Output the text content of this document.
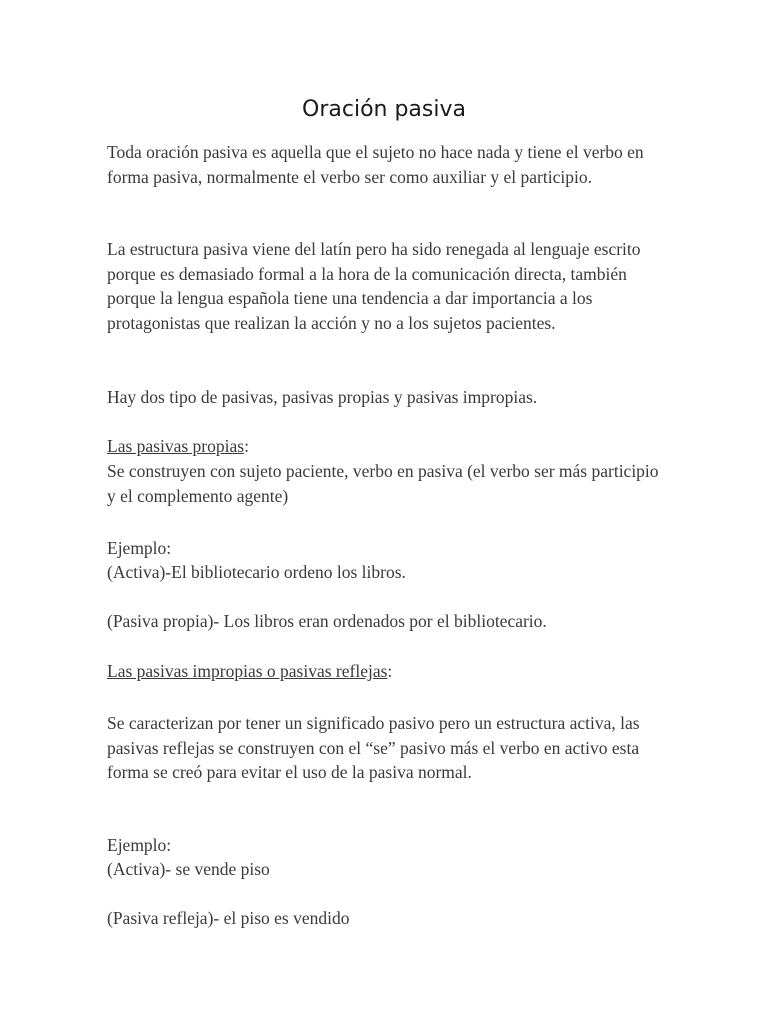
Oración pasiva

Toda oración pasiva es aquella que el sujeto no hace nada y tiene el verbo en forma pasiva, normalmente el verbo ser como auxiliar y el participio.

La estructura pasiva viene del latín pero ha sido renegada al lenguaje escrito porque es demasiado formal a la hora de la comunicación directa, también porque la lengua española tiene una tendencia a dar importancia a los protagonistas que realizan la acción y no a los sujetos pacientes.

Hay dos tipo de pasivas, pasivas propias y pasivas impropias.

Las pasivas propias:

Se construyen con sujeto paciente, verbo en pasiva (el verbo ser más participio y el complemento agente)

Ejemplo:

(Activa)-El bibliotecario ordeno los libros.

(Pasiva propia)- Los libros eran ordenados por el bibliotecario.

Las pasivas impropias o pasivas reflejas:

Se caracterizan por tener un significado pasivo pero un estructura activa, las pasivas reflejas se construyen con el “se” pasivo más el verbo en activo esta forma se creó para evitar el uso de la pasiva normal.

Ejemplo:

(Activa)- se vende piso

(Pasiva refleja)- el piso es vendido
